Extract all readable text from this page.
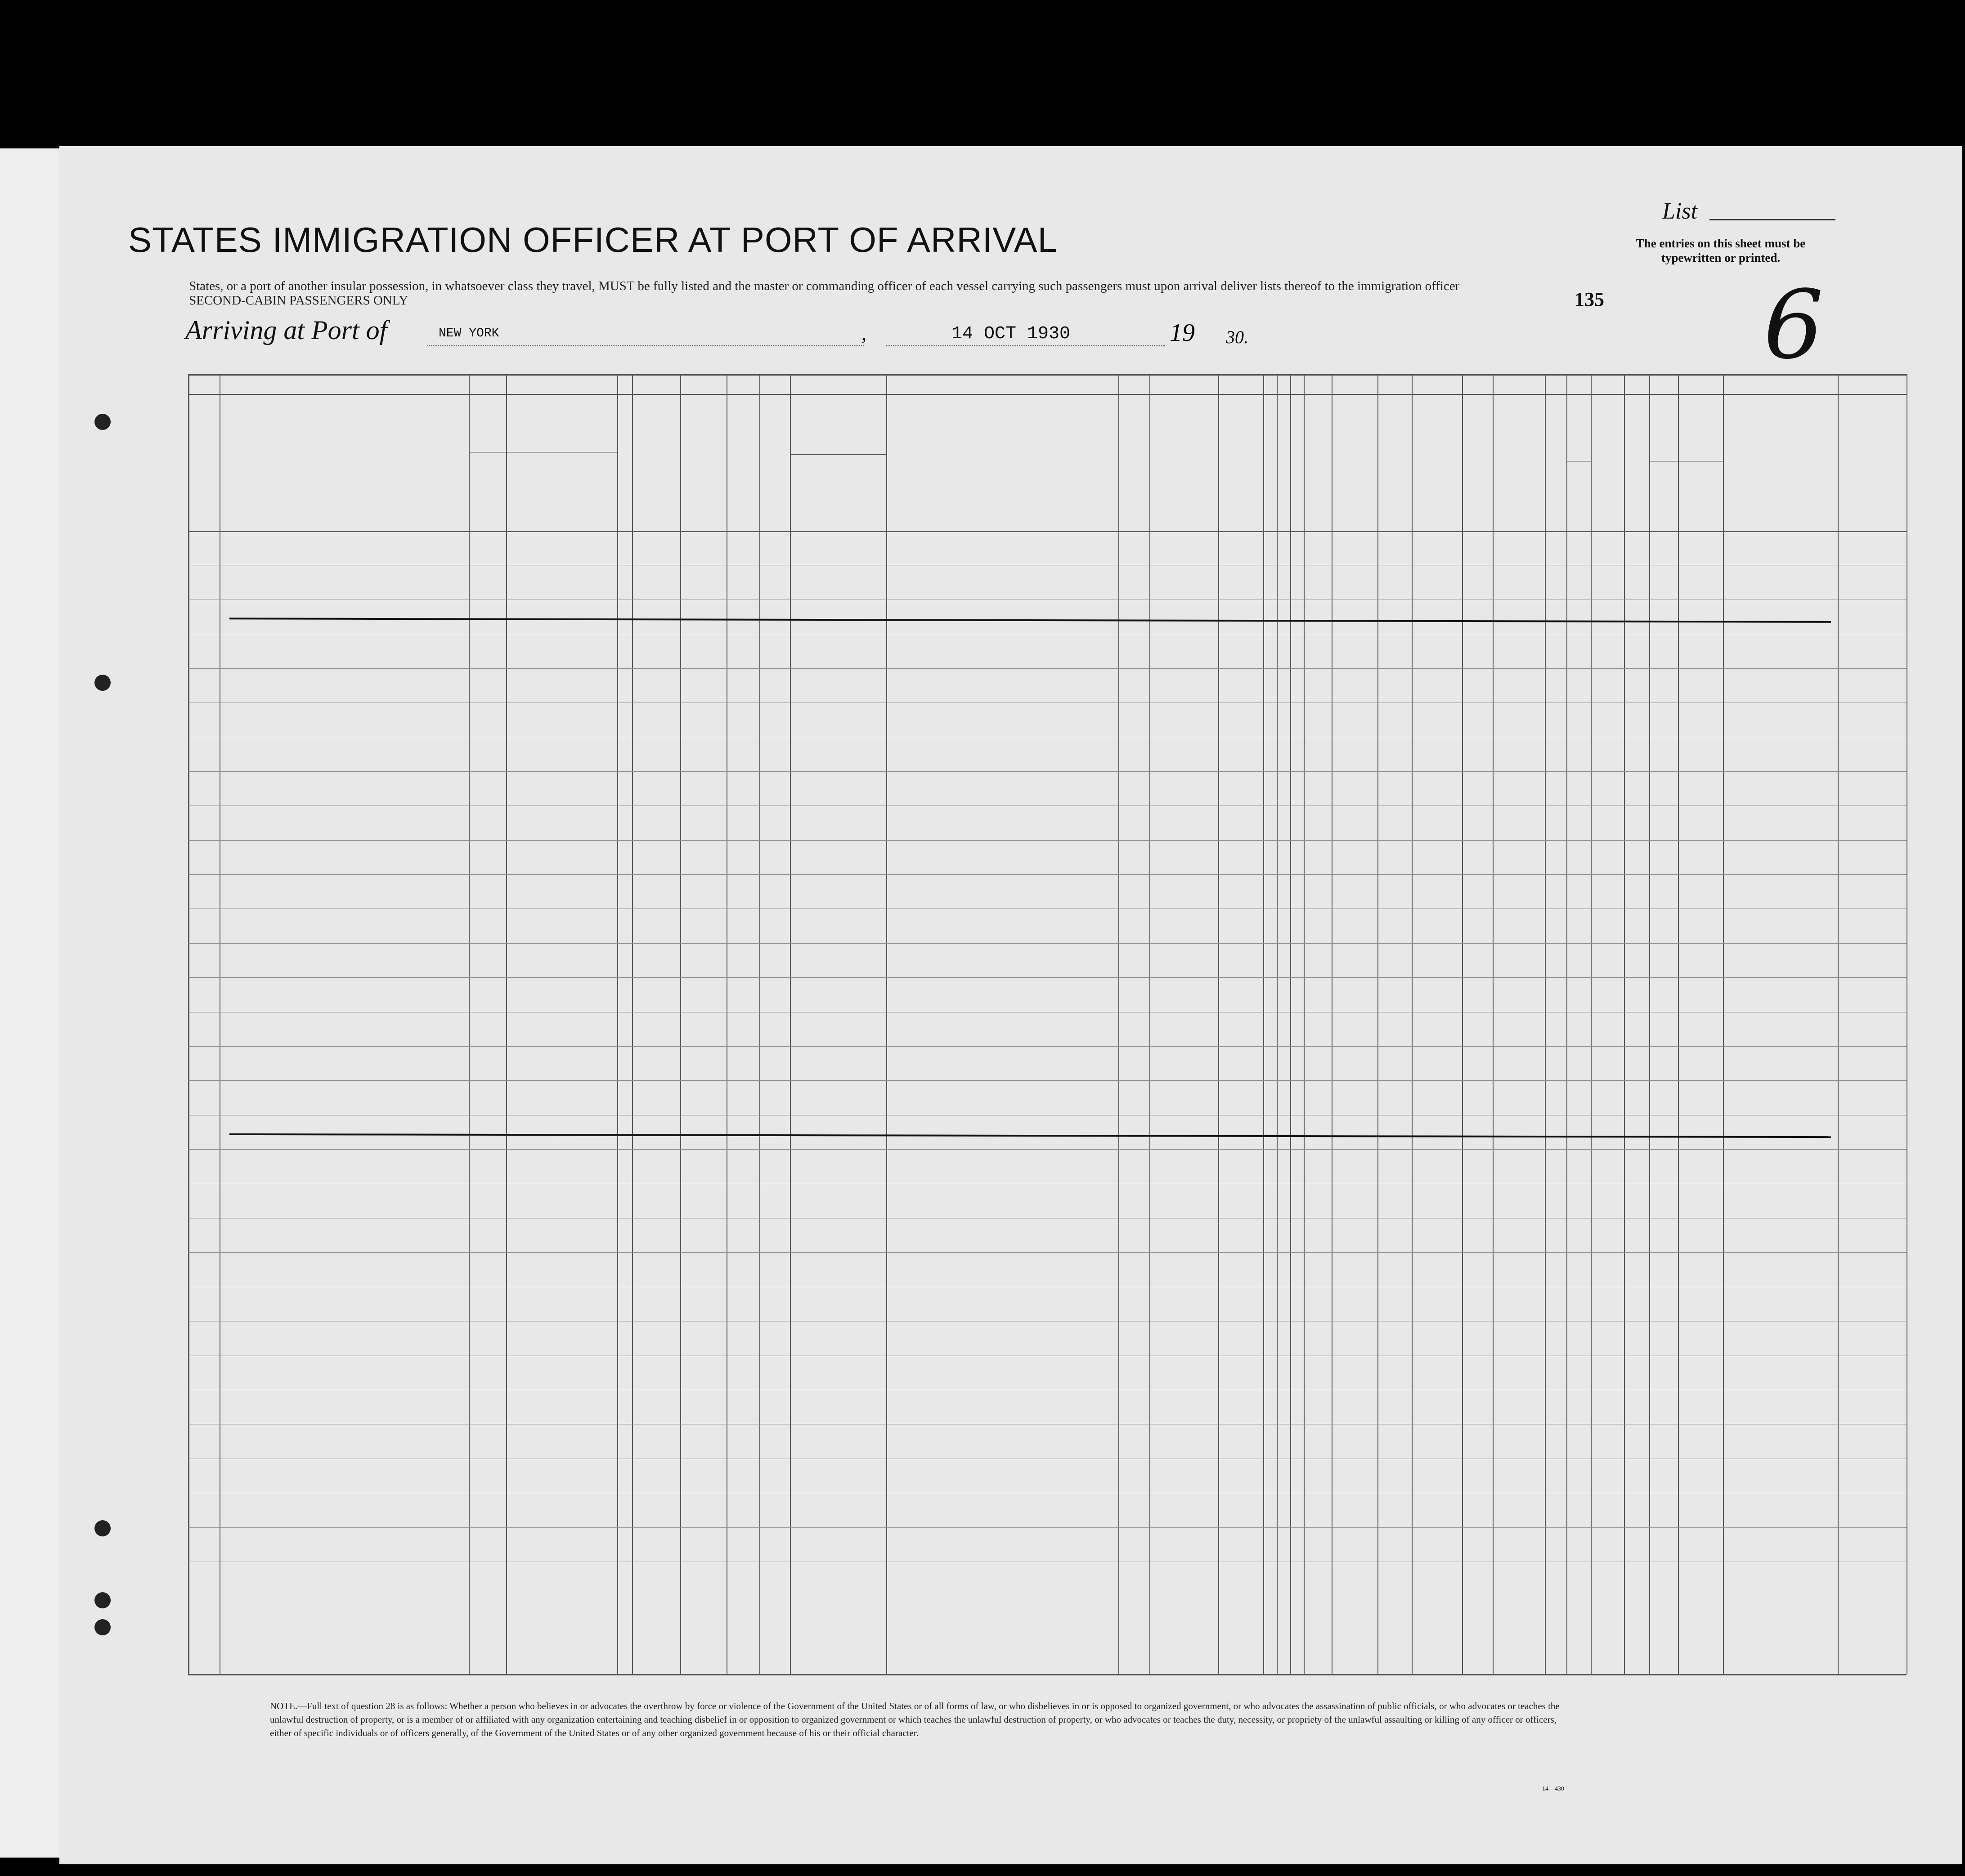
STATES IMMIGRATION OFFICER AT PORT OF ARRIVAL
States, or a port of another insular possession, in whatsoever class they travel, MUST be fully listed and the master or commanding officer of each vessel carrying such passengers must upon arrival deliver lists thereof to the immigration officer
SECOND-CABIN PASSENGERS ONLY
List
The entries on this sheet must be typewritten or printed.
135 6
Arriving at Port of	NEW YORK	,	14 OCT 1930	19 30.
NOTE.—Full text of question 28 is as follows: Whether a person who believes in or advocates the overthrow by force or violence of the Government of the United States or of all forms of law, or who disbelieves in or is opposed to organized government, or who advocates the assassination of public officials, or who advocates or teaches the unlawful destruction of property, or is a member of or affiliated with any organization entertaining and teaching disbelief in or opposition to organized government or which teaches the unlawful destruction of property, or who advocates or teaches the duty, necessity, or propriety of the unlawful assaulting or killing of any officer or officers, either of specific individuals or of officers generally, of the Government of the United States or of any other organized government because of his or their official character.
14—430
